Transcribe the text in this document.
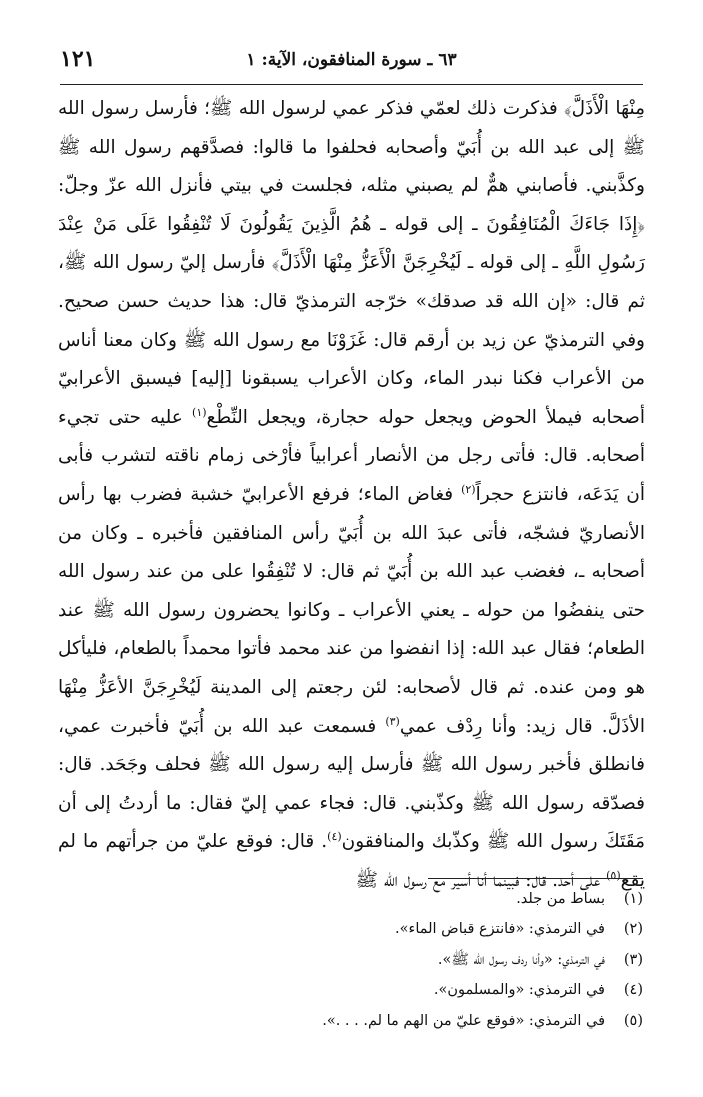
١٢١	٦٣ ـ سورة المنافقون، الآية: ١

مِنْهَا الْأَذَلَّ﴾ فذكرت ذلك لعمّي فذكر عمي لرسول الله ﷺ؛ فأرسل رسول الله ﷺ إلى عبد الله بن أُبَيّ وأصحابه فحلفوا ما قالوا: فصدَّقهم رسول الله ﷺ وكذَّبني. فأصابني همٌّ لم يصبني مثله، فجلست في بيتي فأنزل الله عزّ وجلّ: ﴿إِذَا جَاءَكَ الْمُنَافِقُونَ ـ إلى قوله ـ هُمُ الَّذِينَ يَقُولُونَ لَا تُنْفِقُوا عَلَى مَنْ عِنْدَ رَسُولِ اللَّهِ ـ إلى قوله ـ لَيُخْرِجَنَّ الْأَعَزُّ مِنْهَا الْأَذَلَّ﴾ فأرسل إليّ رسول الله ﷺ، ثم قال: «إن الله قد صدقك» خرّجه الترمذيّ قال: هذا حديث حسن صحيح. وفي الترمذيّ عن زيد بن أرقم قال: غَزَوْنَا مع رسول الله ﷺ وكان معنا أناس من الأعراب فكنا نبدر الماء، وكان الأعراب يسبقونا [إليه] فيسبق الأعرابيّ أصحابه فيملأ الحوض ويجعل حوله حجارة، ويجعل النِّطْع$^{(١)}$ عليه حتى تجيء أصحابه. قال: فأتى رجل من الأنصار أعرابياً فأرْخى زمام ناقته لتشرب فأبى أن يَدَعَه، فانتزع حجراً$^{(٢)}$ فغاض الماء؛ فرفع الأعرابيّ خشبة فضرب بها رأس الأنصاريّ فشجّه، فأتى عبدَ الله بن أُبَيّ رأس المنافقين فأخبره ـ وكان من أصحابه ـ، فغضب عبد الله بن أُبَيّ ثم قال: لا تُنْفِقُوا على من عند رسول الله حتى ينفضُوا من حوله ـ يعني الأعراب ـ وكانوا يحضرون رسول الله ﷺ عند الطعام؛ فقال عبد الله: إذا انفضوا من عند محمد فأتوا محمداً بالطعام، فليأكل هو ومن عنده. ثم قال لأصحابه: لئن رجعتم إلى المدينة لَيُخْرِجَنَّ الأعَزُّ مِنْهَا الأذَلَّ. قال زيد: وأنا رِدْف عمي$^{(٣)}$ فسمعت عبد الله بن أُبَيّ فأخبرت عمي، فانطلق فأخبر رسول الله ﷺ فأرسل إليه رسول الله ﷺ فحلف وجَحَد. قال: فصدّقه رسول الله ﷺ وكذّبني. قال: فجاء عمي إليّ فقال: ما أردتُ إلى أن مَقَتَكَ رسول الله ﷺ وكذّبك والمنافقون$^{(٤)}$. قال: فوقع عليّ من جرأتهم ما لم يقع$^{(٥)}$ على أحد. قال: فبينما أنا أسير مع رسول الله ﷺ

(١)
بساط من جلد.
(٢)
في الترمذي: «فانتزع قباض الماء».
(٣)
في الترمذي: «وأنا ردف رسول الله ﷺ».
(٤)
في الترمذي: «والمسلمون».
(٥)
في الترمذي: «فوقع عليّ من الهم ما لم. . . .».
